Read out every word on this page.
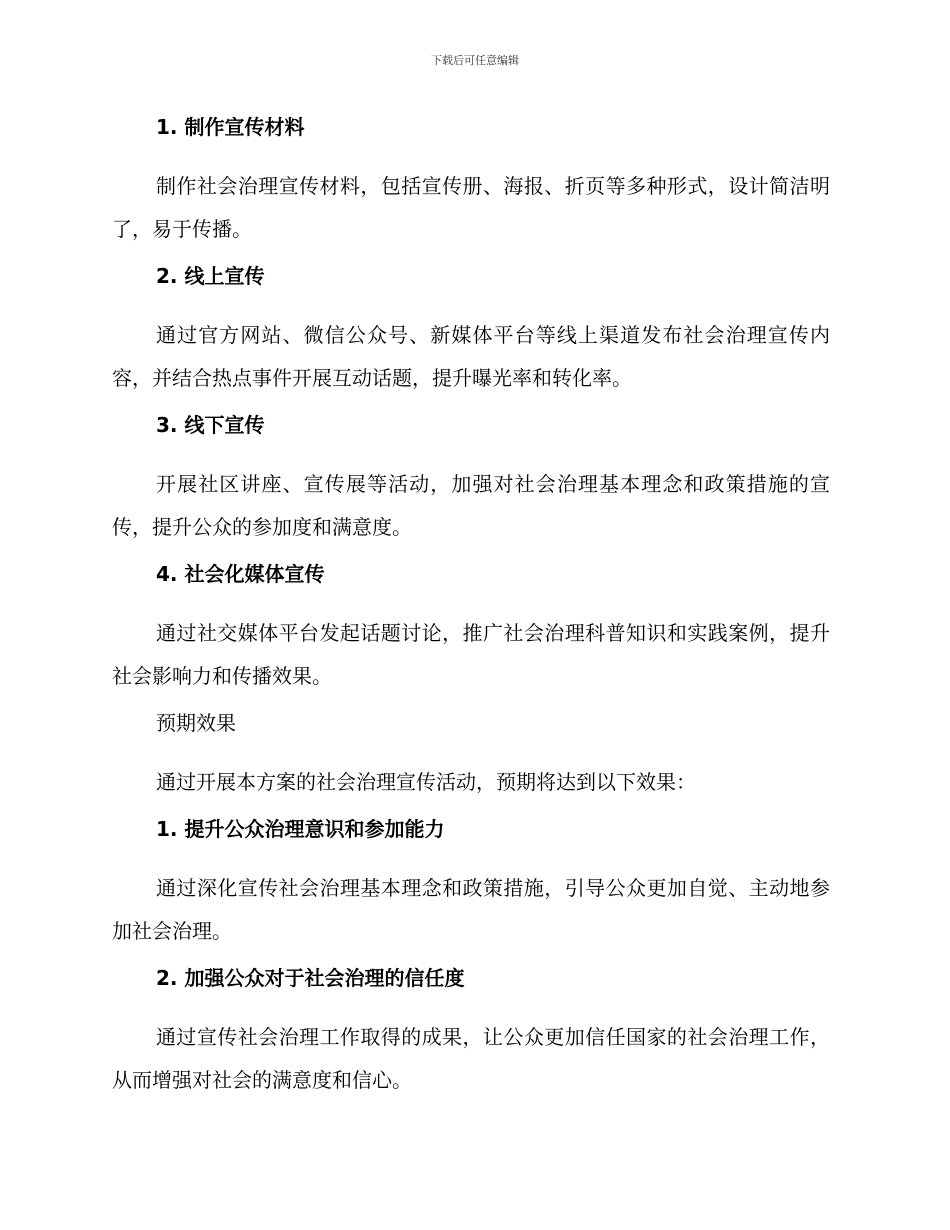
下载后可任意编辑
1. 制作宣传材料

制作社会治理宣传材料，包括宣传册、海报、折页等多种形式，设计简洁明了，易于传播。

2. 线上宣传

通过官方网站、微信公众号、新媒体平台等线上渠道发布社会治理宣传内容，并结合热点事件开展互动话题，提升曝光率和转化率。

3. 线下宣传

开展社区讲座、宣传展等活动，加强对社会治理基本理念和政策措施的宣传，提升公众的参加度和满意度。

4. 社会化媒体宣传

通过社交媒体平台发起话题讨论，推广社会治理科普知识和实践案例，提升社会影响力和传播效果。

预期效果

通过开展本方案的社会治理宣传活动，预期将达到以下效果：

1. 提升公众治理意识和参加能力

通过深化宣传社会治理基本理念和政策措施，引导公众更加自觉、主动地参加社会治理。

2. 加强公众对于社会治理的信任度

通过宣传社会治理工作取得的成果，让公众更加信任国家的社会治理工作，从而增强对社会的满意度和信心。
